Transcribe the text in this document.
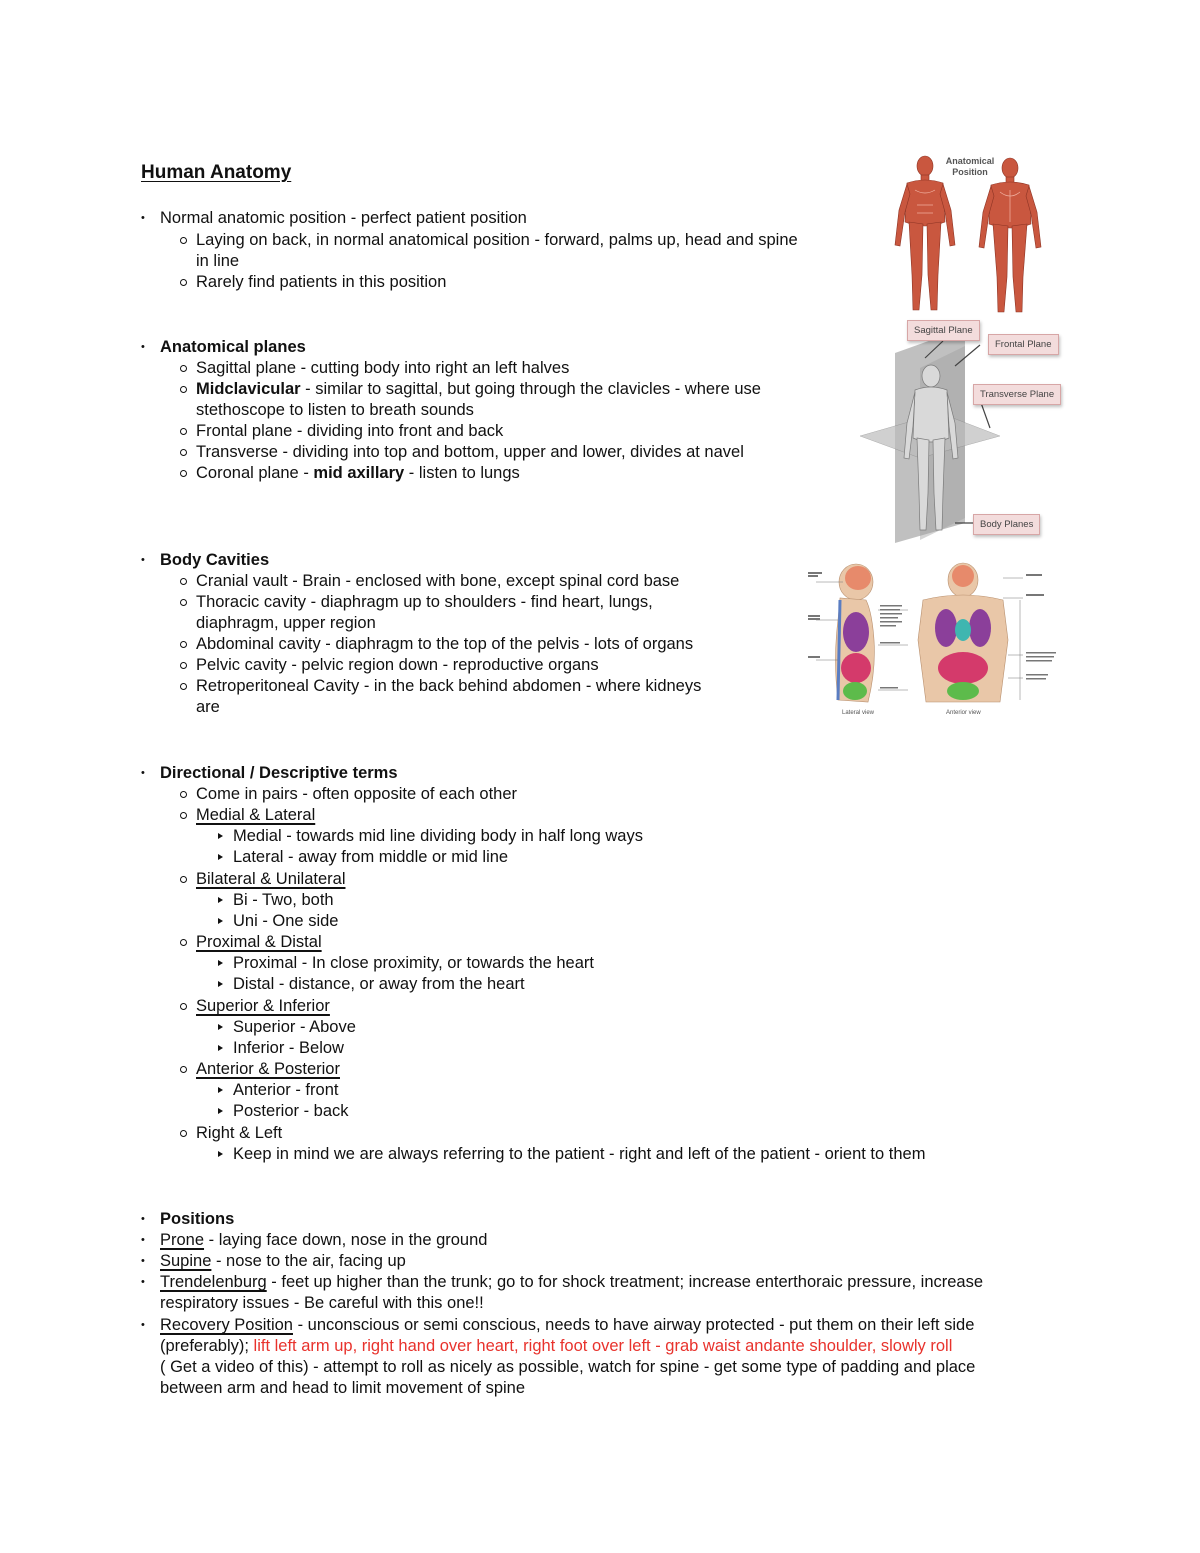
Human Anatomy
• Normal anatomic position - perfect patient position
Laying on back, in normal anatomical position - forward, palms up, head and spine
in line
Rarely find patients in this position
• Anatomical planes
Sagittal plane - cutting body into right an left halves
Midclavicular - similar to sagittal, but going through the clavicles - where use
stethoscope to listen to breath sounds
Frontal plane - dividing into front and back
Transverse - dividing into top and bottom, upper and lower, divides at navel
Coronal plane - mid axillary - listen to lungs
• Body Cavities
Cranial vault - Brain - enclosed with bone, except spinal cord base
Thoracic cavity - diaphragm up to shoulders - find heart, lungs,
diaphragm, upper region
Abdominal cavity - diaphragm to the top of the pelvis - lots of organs
Pelvic cavity - pelvic region down - reproductive organs
Retroperitoneal Cavity - in the back behind abdomen - where kidneys
are
• Directional / Descriptive terms
Come in pairs - often opposite of each other
Medial & Lateral
Medial - towards mid line dividing body in half long ways
Lateral - away from middle or mid line
Bilateral & Unilateral
Bi - Two, both
Uni - One side
Proximal & Distal
Proximal - In close proximity, or towards the heart
Distal - distance, or away from the heart
Superior & Inferior
Superior - Above
Inferior - Below
Anterior & Posterior
Anterior - front
Posterior - back
Right & Left
Keep in mind we are always referring to the patient - right and left of the patient - orient to them
• Positions
• Prone - laying face down, nose in the ground
• Supine - nose to the air, facing up
• Trendelenburg - feet up higher than the trunk; go to for shock treatment; increase enterthoraic pressure, increase
respiratory issues - Be careful with this one!!
• Recovery Position - unconscious or semi conscious, needs to have airway protected - put them on their left side
(preferably); lift left arm up, right hand over heart, right foot over left - grab waist andante shoulder, slowly roll
( Get a video of this) - attempt to roll as nicely as possible, watch for spine - get some type of padding and place
between arm and head to limit movement of spine
Anatomical Position
Sagittal Plane
Frontal Plane
Transverse Plane
Body Planes
Lateral view	Anterior view
